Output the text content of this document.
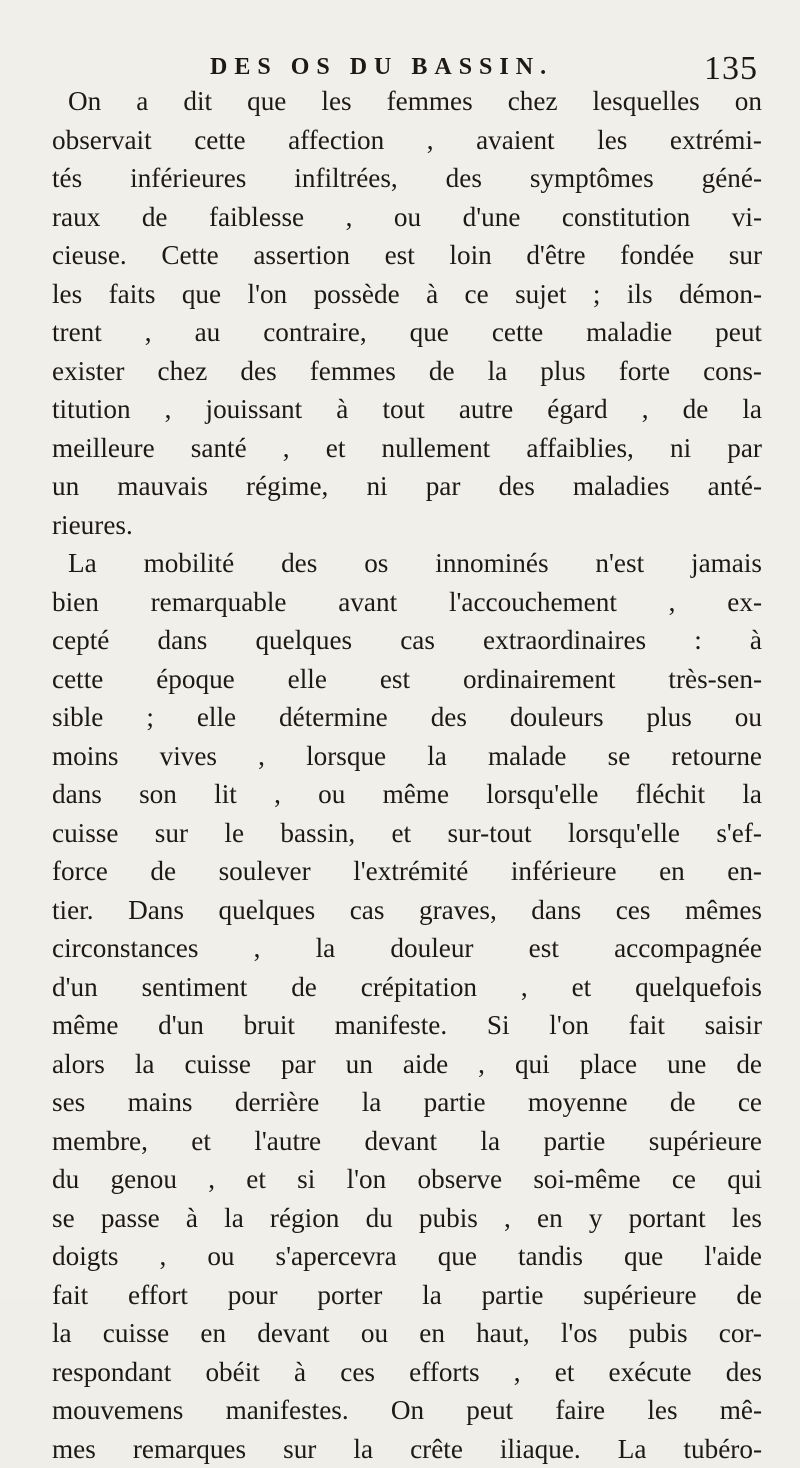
DES OS DU BASSIN.	135
On a dit que les femmes chez lesquelles on
observait cette affection , avaient les extrémi-
tés inférieures infiltrées, des symptômes géné-
raux de faiblesse , ou d'une constitution vi-
cieuse. Cette assertion est loin d'être fondée sur
les faits que l'on possède à ce sujet ; ils démon-
trent , au contraire, que cette maladie peut
exister chez des femmes de la plus forte cons-
titution , jouissant à tout autre égard , de la
meilleure santé , et nullement affaiblies, ni par
un mauvais régime, ni par des maladies anté-
rieures.
La mobilité des os innominés n'est jamais
bien remarquable avant l'accouchement , ex-
cepté dans quelques cas extraordinaires : à
cette époque elle est ordinairement très-sen-
sible ; elle détermine des douleurs plus ou
moins vives , lorsque la malade se retourne
dans son lit , ou même lorsqu'elle fléchit la
cuisse sur le bassin, et sur-tout lorsqu'elle s'ef-
force de soulever l'extrémité inférieure en en-
tier. Dans quelques cas graves, dans ces mêmes
circonstances , la douleur est accompagnée
d'un sentiment de crépitation , et quelquefois
même d'un bruit manifeste. Si l'on fait saisir
alors la cuisse par un aide , qui place une de
ses mains derrière la partie moyenne de ce
membre, et l'autre devant la partie supérieure
du genou , et si l'on observe soi-même ce qui
se passe à la région du pubis , en y portant les
doigts , ou s'apercevra que tandis que l'aide
fait effort pour porter la partie supérieure de
la cuisse en devant ou en haut, l'os pubis cor-
respondant obéit à ces efforts , et exécute des
mouvemens manifestes. On peut faire les mê-
mes remarques sur la crête iliaque. La tubéro-
